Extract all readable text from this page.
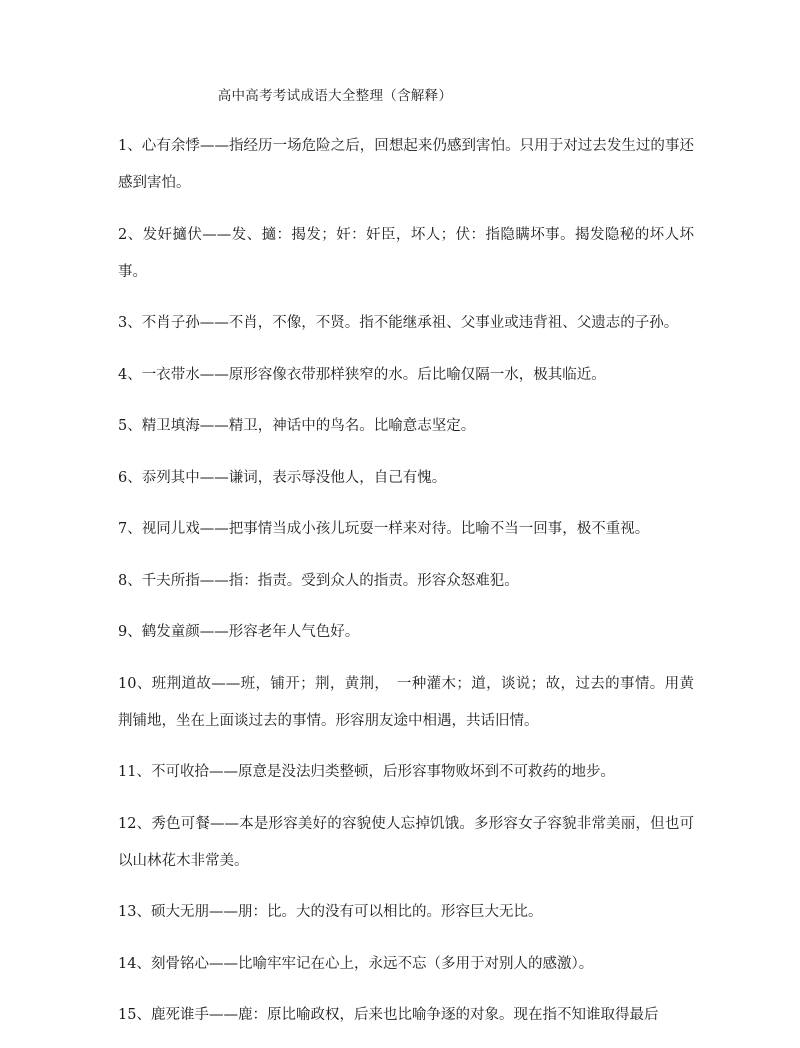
高中高考考试成语大全整理（含解释）

1、心有余悸——指经历一场危险之后，回想起来仍感到害怕。只用于对过去发生过的事还感到害怕。

2、发奸擿伏——发、擿：揭发；奸：奸臣，坏人；伏：指隐瞒坏事。揭发隐秘的坏人坏事。

3、不肖子孙——不肖，不像，不贤。指不能继承祖、父事业或违背祖、父遗志的子孙。

4、一衣带水——原形容像衣带那样狭窄的水。后比喻仅隔一水，极其临近。

5、精卫填海——精卫，神话中的鸟名。比喻意志坚定。

6、忝列其中——谦词，表示辱没他人，自己有愧。

7、视同儿戏——把事情当成小孩儿玩耍一样来对待。比喻不当一回事，极不重视。

8、千夫所指——指：指责。受到众人的指责。形容众怒难犯。

9、鹤发童颜——形容老年人气色好。

10、班荆道故——班，铺开；荆，黄荆，　一种灌木；道，谈说；故，过去的事情。用黄荆铺地，坐在上面谈过去的事情。形容朋友途中相遇，共话旧情。

11、不可收拾——原意是没法归类整顿，后形容事物败坏到不可救药的地步。

12、秀色可餐——本是形容美好的容貌使人忘掉饥饿。多形容女子容貌非常美丽，但也可以山林花木非常美。

13、硕大无朋——朋：比。大的没有可以相比的。形容巨大无比。

14、刻骨铭心——比喻牢牢记在心上，永远不忘（多用于对别人的感激）。

15、鹿死谁手——鹿：原比喻政权，后来也比喻争逐的对象。现在指不知谁取得最后
